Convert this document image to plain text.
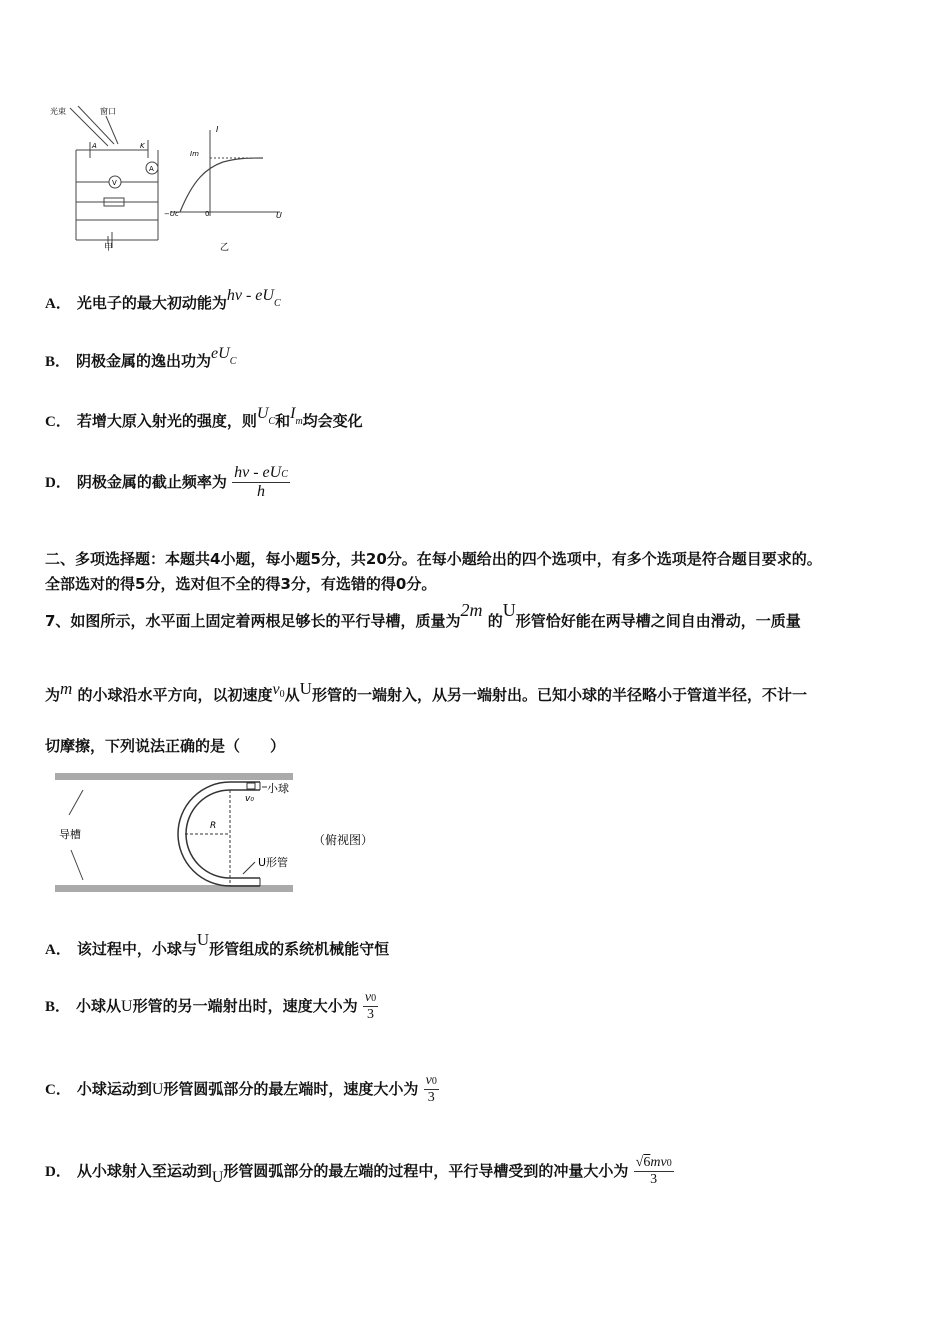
V
A
光束	窗口
A	K
甲
I
U
Im
−Uc	0
乙
A． 光电子的最大初动能为hν - eUC
B． 阴极金属的逸出功为eUC
C． 若增大原入射光的强度，则UC和Im均会变化
D． 阴极金属的截止频率为 $\frac{\text{hν - eUC}}{h}$
二、多项选择题：本题共4小题，每小题5分，共20分。在每小题给出的四个选项中，有多个选项是符合题目要求的。
全部选对的得5分，选对但不全的得3分，有选错的得0分。
7、如图所示，水平面上固定着两根足够长的平行导槽，质量为2m 的U形管恰好能在两导槽之间自由滑动，一质量
为m 的小球沿水平方向，以初速度$v^0$从U形管的一端射入，从另一端射出。已知小球的半径略小于管道半径，不计一
切摩擦，下列说法正确的是（　　）
导槽
R
v₀
小球
（俯视图）
U形管
A． 该过程中，小球与U形管组成的系统机械能守恒
B． 小球从U形管的另一端射出时，速度大小为 $\frac{v0}{3}$
C． 小球运动到U形管圆弧部分的最左端时，速度大小为 $\frac{v0}{3}$
D． 从小球射入至运动到U形管圆弧部分的最左端的过程中，平行导槽受到的冲量大小为 $\frac{√6mv0}{3}$
